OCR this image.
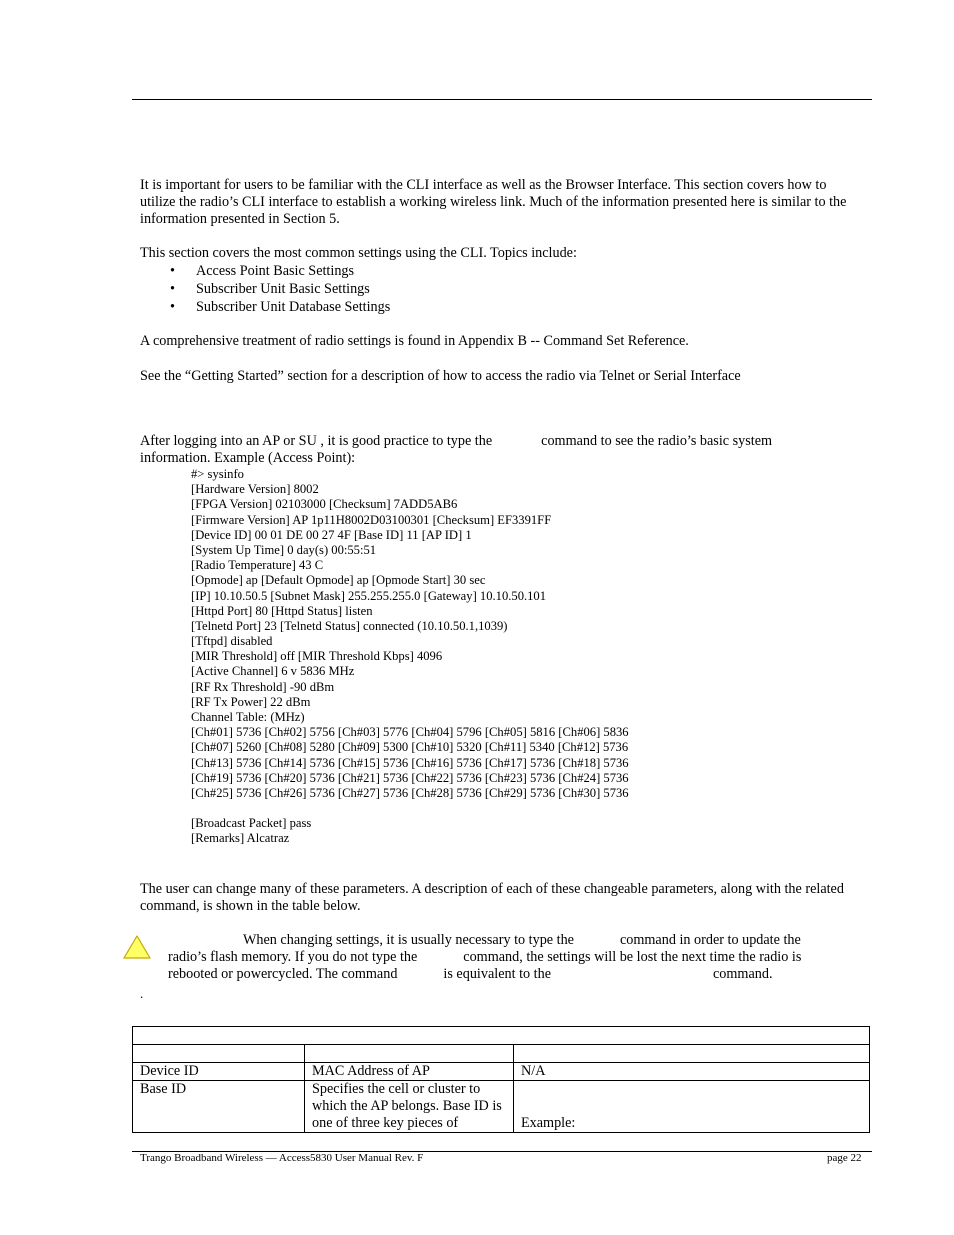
It is important for users to be familiar with the CLI interface as well as the Browser Interface. This section covers how to utilize the radio’s CLI interface to establish a working wireless link. Much of the information presented here is similar to the information presented in Section 5.

This section covers the most common settings using the CLI. Topics include:

• Access Point Basic Settings
• Subscriber Unit Basic Settings
• Subscriber Unit Database Settings

A comprehensive treatment of radio settings is found in Appendix B -- Command Set Reference.

See the “Getting Started” section for a description of how to access the radio via Telnet or Serial Interface

After logging into an AP or SU , it is good practice to type the	command to see the radio’s basic system

information. Example (Access Point):

#> sysinfo
[Hardware Version] 8002
[FPGA Version] 02103000 [Checksum] 7ADD5AB6
[Firmware Version] AP 1p11H8002D03100301 [Checksum] EF3391FF
[Device ID] 00 01 DE 00 27 4F [Base ID] 11 [AP ID] 1
[System Up Time] 0 day(s) 00:55:51
[Radio Temperature] 43 C
[Opmode] ap [Default Opmode] ap [Opmode Start] 30 sec
[IP] 10.10.50.5 [Subnet Mask] 255.255.255.0 [Gateway] 10.10.50.101
[Httpd Port] 80 [Httpd Status] listen
[Telnetd Port] 23 [Telnetd Status] connected (10.10.50.1,1039)
[Tftpd] disabled
[MIR Threshold] off [MIR Threshold Kbps] 4096
[Active Channel] 6 v 5836 MHz
[RF Rx Threshold] -90 dBm
[RF Tx Power] 22 dBm
Channel Table: (MHz)
[Ch#01] 5736 [Ch#02] 5756 [Ch#03] 5776 [Ch#04] 5796 [Ch#05] 5816 [Ch#06] 5836
[Ch#07] 5260 [Ch#08] 5280 [Ch#09] 5300 [Ch#10] 5320 [Ch#11] 5340 [Ch#12] 5736
[Ch#13] 5736 [Ch#14] 5736 [Ch#15] 5736 [Ch#16] 5736 [Ch#17] 5736 [Ch#18] 5736
[Ch#19] 5736 [Ch#20] 5736 [Ch#21] 5736 [Ch#22] 5736 [Ch#23] 5736 [Ch#24] 5736
[Ch#25] 5736 [Ch#26] 5736 [Ch#27] 5736 [Ch#28] 5736 [Ch#29] 5736 [Ch#30] 5736
[Broadcast Packet] pass
[Remarks] Alcatraz

The user can change many of these parameters. A description of each of these changeable parameters, along with the related command, is shown in the table below.

When changing settings, it is usually necessary to type the	command in order to update the

radio’s flash memory. If you do not type the	command, the settings will be lost the next time the radio is

rebooted or powercycled. The command	is equivalent to the	command.

.

Device ID	MAC Address of AP	N/A
Base ID	Specifies the cell or cluster to which the AP belongs. Base ID is one of three key pieces of	Example:
Trango Broadband Wireless — Access5830 User Manual Rev. F	page 22
